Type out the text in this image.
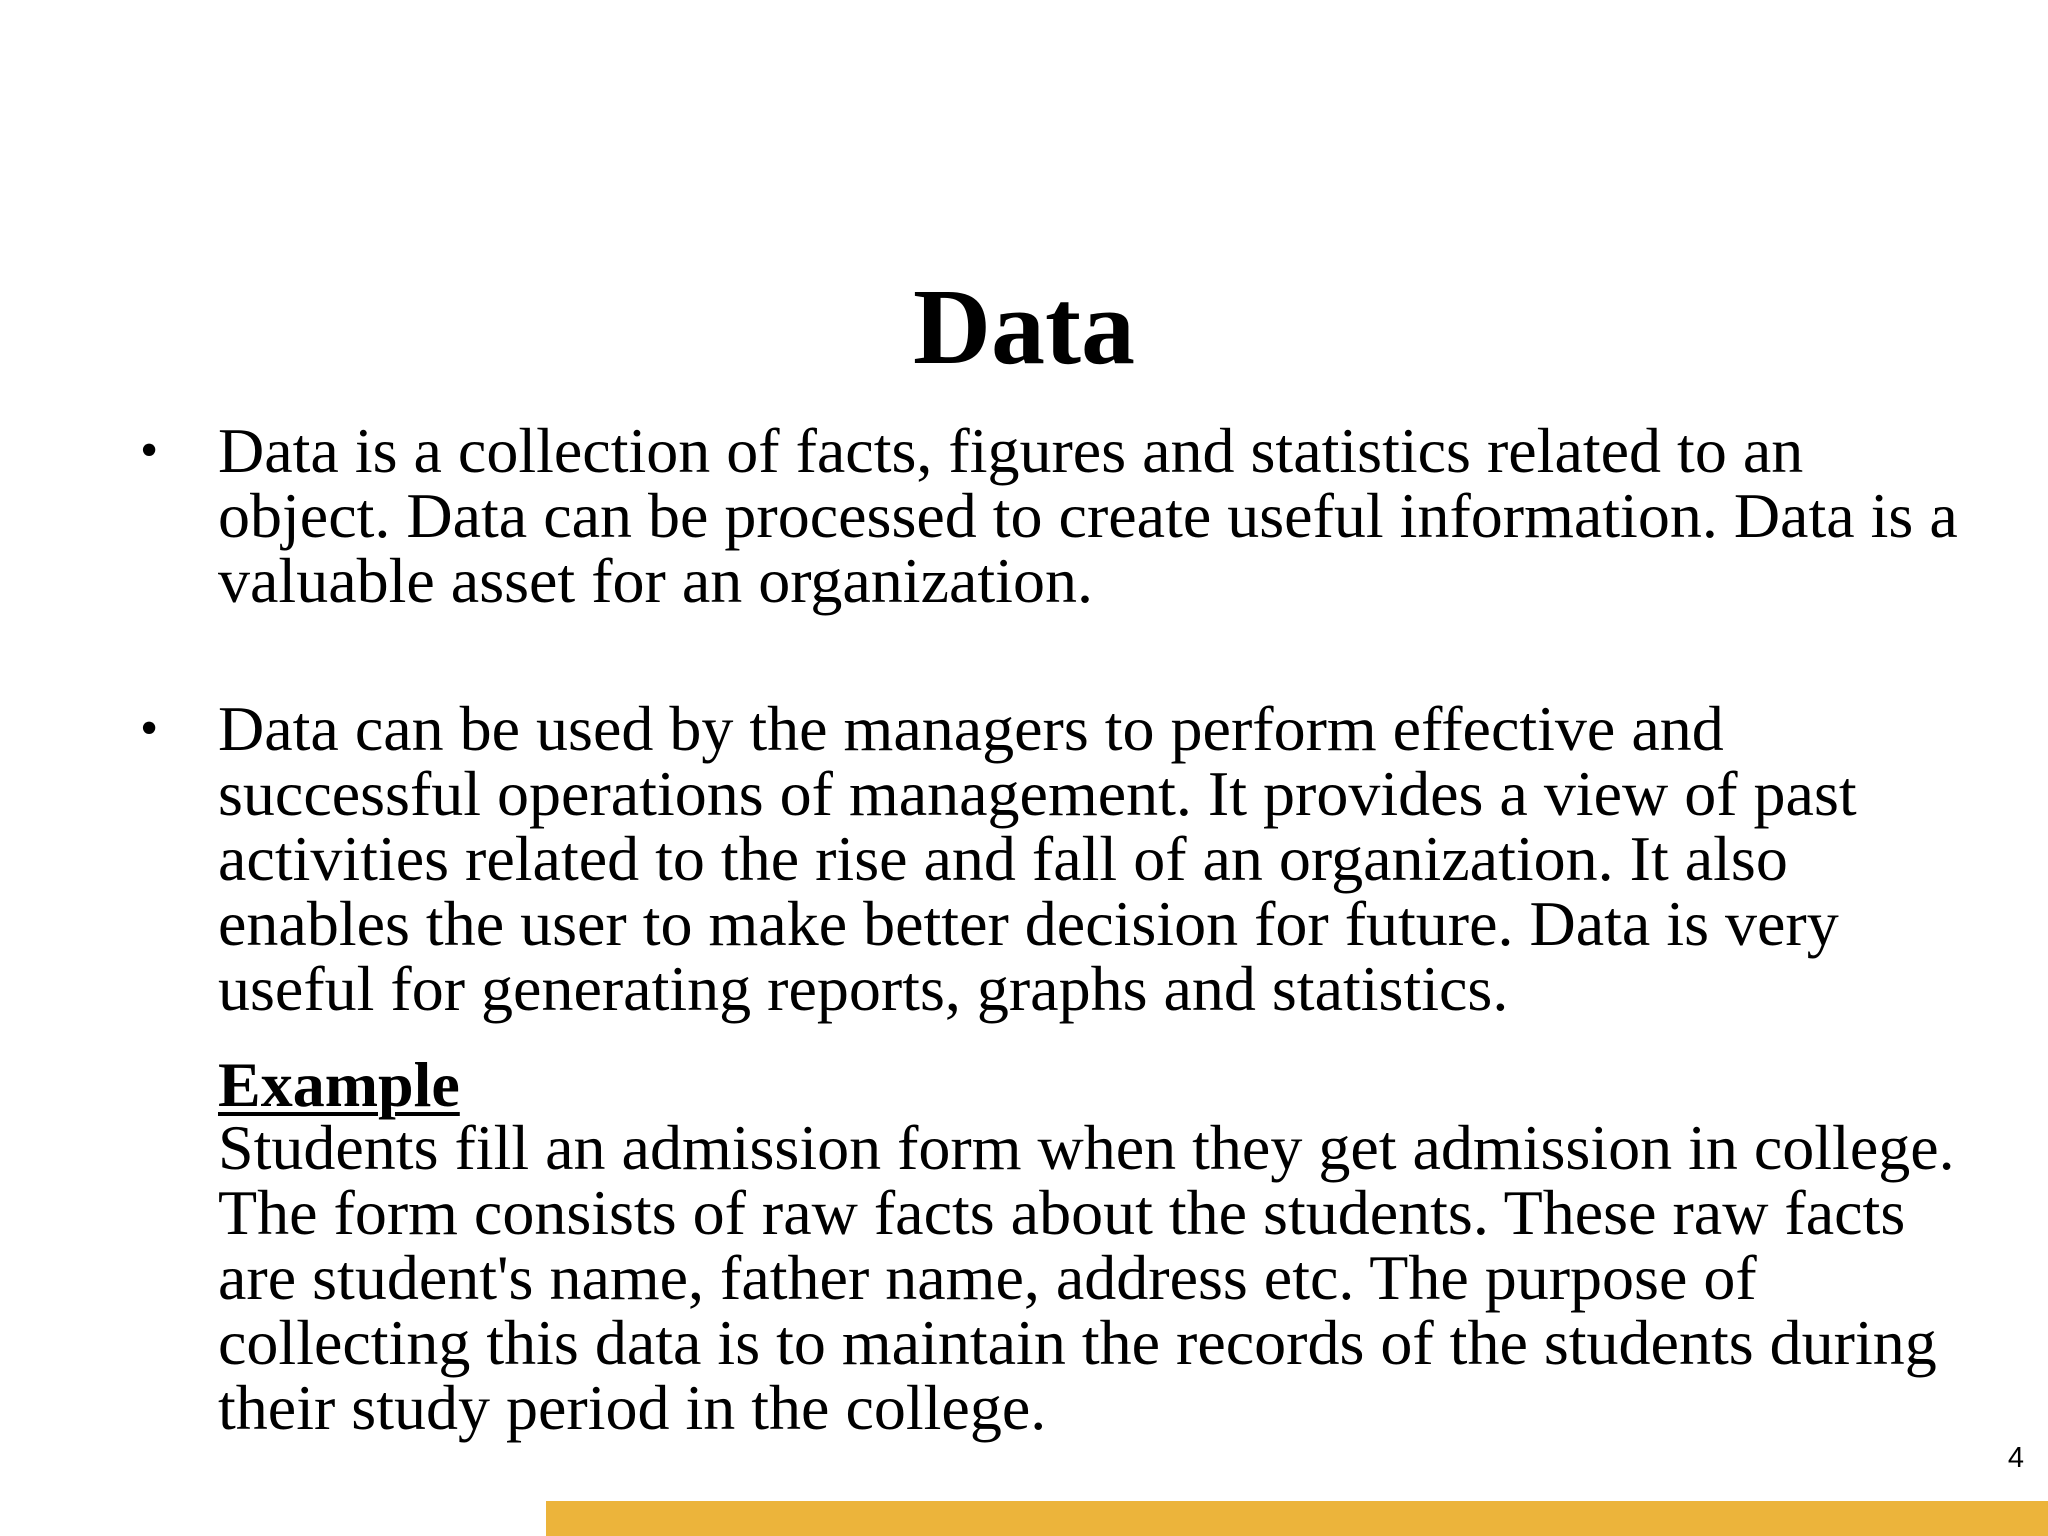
Data
• Data is a collection of facts, figures and statistics related to an object. Data can be processed to create useful information. Data is a valuable asset for an organization.
• Data can be used by the managers to perform effective and successful operations of management. It provides a view of past activities related to the rise and fall of an organization. It also enables the user to make better decision for future. Data is very useful for generating reports, graphs and statistics.
Example
Students fill an admission form when they get admission in college. The form consists of raw facts about the students. These raw facts are student's name, father name, address etc. The purpose of collecting this data is to maintain the records of the students during their study period in the college.
4
